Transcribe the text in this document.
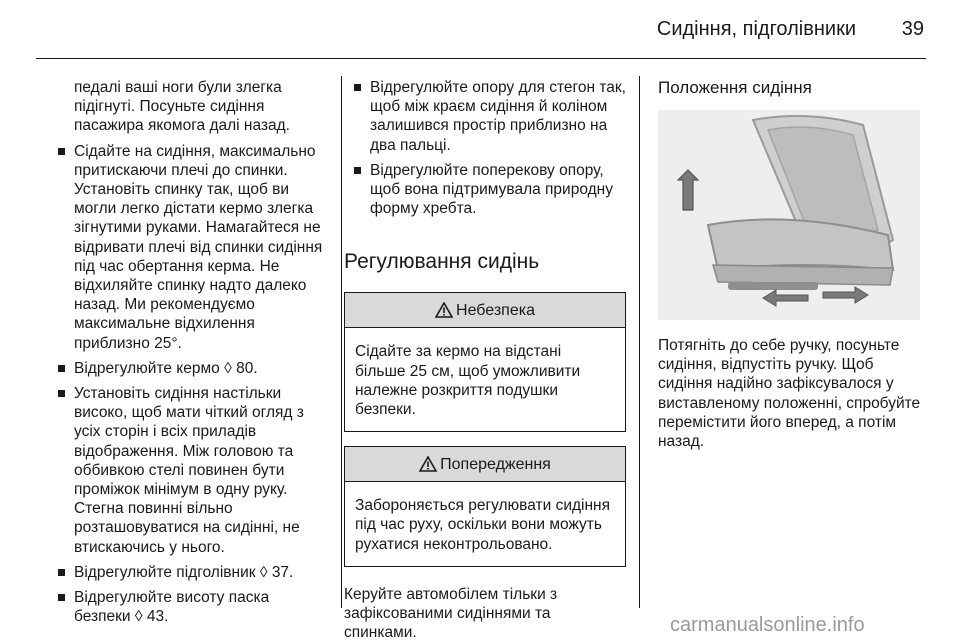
Сидіння, підголівники 39

педалі ваші ноги були злегка підігнуті. Посуньте сидіння пасажира якомога далі назад.

Сідайте на сидіння, максимально притискаючи плечі до спинки. Установіть спинку так, щоб ви могли легко дістати кермо злегка зігнутими руками. Намагайтеся не відривати плечі від спинки сидіння під час обертання керма. Не відхиляйте спинку надто далеко назад. Ми рекомендуємо максимальне відхилення приблизно 25°.
Відрегулюйте кермо ◊ 80.
Установіть сидіння настільки високо, щоб мати чіткий огляд з усіх сторін і всіх приладів відображення. Між головою та оббивкою стелі повинен бути проміжок мінімум в одну руку. Стегна повинні вільно розташовуватися на сидінні, не втискаючись у нього.
Відрегулюйте підголівник ◊ 37.
Відрегулюйте висоту паска безпеки ◊ 43.
Відрегулюйте опору для стегон так, щоб між краєм сидіння й коліном залишився простір приблизно на два пальці.
Відрегулюйте поперекову опору, щоб вона підтримувала природну форму хребта.
Регулювання сидінь
Небезпека
Сідайте за кермо на відстані більше 25 см, щоб уможливити належне розкриття подушки безпеки.
Попередження
Забороняється регулювати сидіння під час руху, оскільки вони можуть рухатися неконтрольовано.

Керуйте автомобілем тільки з зафіксованими сидіннями та спинками.

Положення сидіння

Потягніть до себе ручку, посуньте сидіння, відпустіть ручку. Щоб сидіння надійно зафіксувалося у виставленому положенні, спробуйте перемістити його вперед, а потім назад.

carmanualsonline.info
